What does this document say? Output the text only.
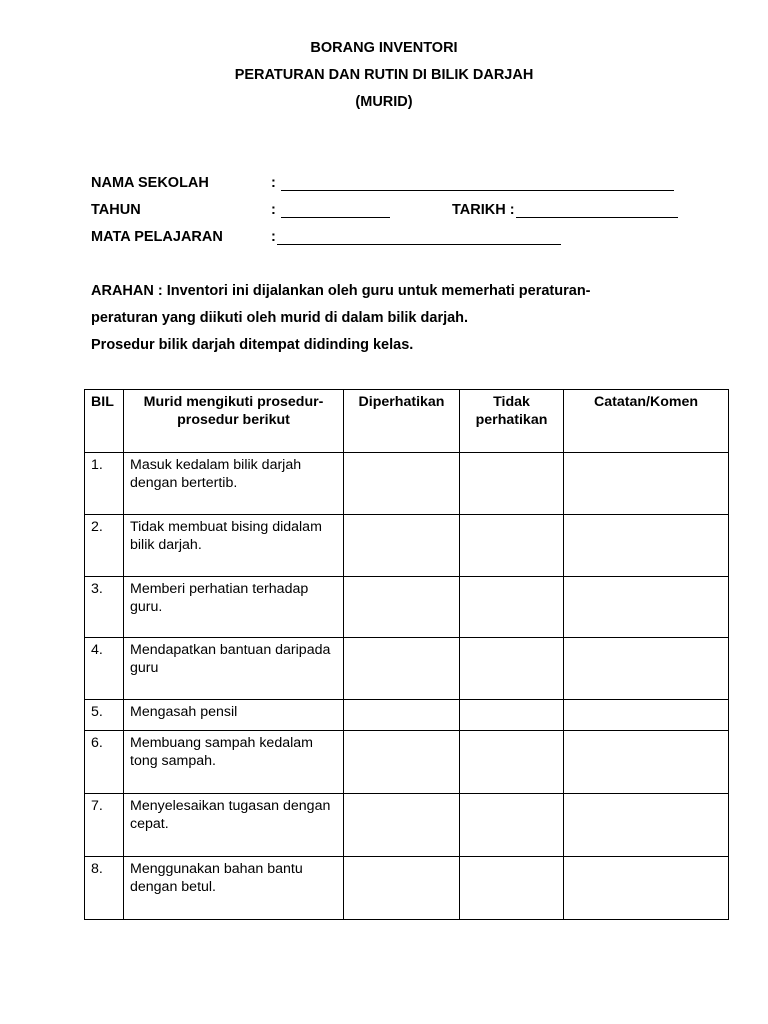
BORANG INVENTORI
PERATURAN DAN RUTIN DI BILIK DARJAH
(MURID)
NAMA SEKOLAH	:
TAHUN	:	TARIKH :
MATA PELAJARAN	:
ARAHAN : Inventori ini dijalankan oleh guru untuk memerhati peraturan-
peraturan yang diikuti oleh murid di dalam bilik darjah.
Prosedur bilik darjah ditempat didinding kelas.
BIL	Murid mengikuti prosedur-prosedur berikut	Diperhatikan	Tidak perhatikan	Catatan/Komen
1.	Masuk kedalam bilik darjah dengan bertertib.			
2.	Tidak membuat bising didalam bilik darjah.			
3.	Memberi perhatian terhadap guru.			
4.	Mendapatkan bantuan daripada guru			
5.	Mengasah pensil			
6.	Membuang sampah kedalam tong sampah.			
7.	Menyelesaikan tugasan dengan cepat.			
8.	Menggunakan bahan bantu dengan betul.			
